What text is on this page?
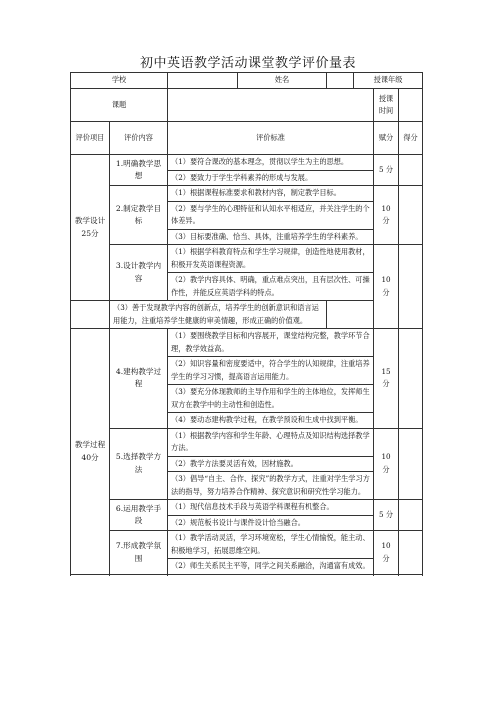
初中英语教学活动课堂教学评价量表
学校	
		姓名

		授课年级

课题		授课时间	
评价项目	评价内容	评价标准	赋分	得分
教学设计25分	1.明确教学思想	（1）要符合课改的基本理念，贯彻以学生为主的思想。	5 分	
（2）要致力于学生学科素养的形成与发展。
2.制定教学目标	（1）根据课程标准要求和教材内容，制定教学目标。	10 分	
（2）要与学生的心理特征和认知水平相适应，并关注学生的个体差异。
（3）目标要准确、恰当、具体，注重培养学生的学科素养。
3.设计教学内容	（1）根据学科教育特点和学生学习规律，创造性地使用教材，积极开发英语课程资源。	10 分	
（2）教学内容具体、明确，重点难点突出，且有层次性、可操作性，并能反应英语学科的特点。
	（3）善于发现教学内容的创新点，培养学生的创新意识和语言运用能力，注重培养学生健康的审美情趣，形成正确的价值观。
教学过程40分	4.建构教学过程	（1）要围绕教学目标和内容展开，课堂结构完整，教学环节合理，教学效益高。	15 分	
（2）知识容量和密度要适中，符合学生的认知规律，注重培养学生的学习习惯，提高语言运用能力。
（3）要充分体现教师的主导作用和学生的主体地位，发挥师生双方在教学中的主动性和创造性。
（4）要动态建构教学过程，在教学预设和生成中找到平衡。
5.选择教学方法	（1）根据教学内容和学生年龄、心理特点及知识结构选择教学方法。	10 分	
（2）教学方法要灵活有效，因材施教。
（3）倡导“自主、合作、探究”的教学方式，注重对学生学习方法的指导，努力培养合作精神、探究意识和研究性学习能力。
6.运用教学手段	（1）现代信息技术手段与英语学科课程有机整合。	5 分	
（2）规范板书设计与课件设计恰当融合。
7.形成教学氛围	（1）教学活动灵活，学习环境宽松，学生心情愉悦，能主动、积极地学习，拓展思维空间。	10 分	
（2）师生关系民主平等，同学之间关系融洽，沟通富有成效。
